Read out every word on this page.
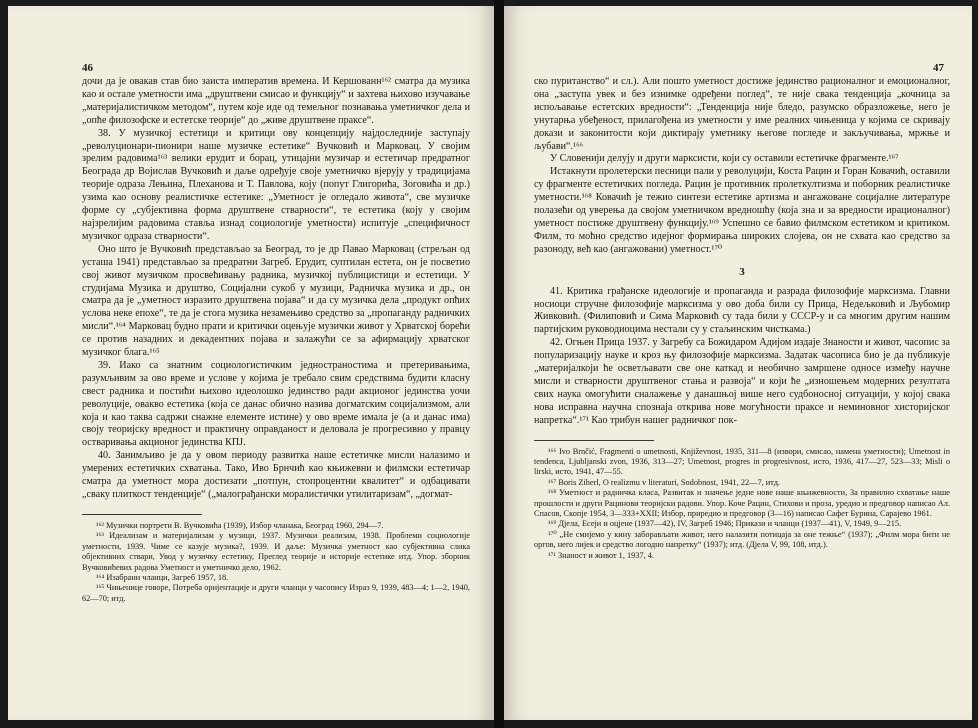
46

дочи да је овакав став био заиста императив времена. И Кершованн¹⁶² сматра да музика као и остале уметности има „друштвени смисао и функцију“ и захтева њихово изучавање „материјалистичком методом“, путем које иде од темељног познавања уметничког дела и „опће филозофске и естетске теорије“ до „живе друштвене праксе“.

38. У музичкој естетици и критици ову концепцију најдоследније заступају „револуционари-пионири наше музичке естетике“ Вучковић и Марковац. У својим зрелим радовима¹⁶³ велики ерудит и борац, утицајни музичар и естетичар предратног Београда др Војислав Вучковић и даље одређује своје уметничко вјерују у традицијама теорије одраза Лењина, Плеханова и Т. Павлова, коју (попут Глигорића, Зоговића и др.) узима као основу реалистичке естетике: „Уметност је огледало живота“, све музичке форме су „субјективна форма друштвене стварности“, те естетика (коју у својим најзрелијим радовима ставља изнад социологије уметности) испитује „специфичност музичког одраза стварности“.

Оно што је Вучковић представљао за Београд, то је др Павао Марковац (стрељан од усташа 1941) представљао за предратни Загреб. Ерудит, суптилан естета, он је посветио свој живот музичком просвећивању радника, музичкој публицистици и естетици. У студијама Музика и друштво, Социјални сукоб у музици, Радничка музика и др., он сматра да је „уметност изразито друштвена појава“ и да су музичка дела „продукт опћих услова неке епохе“, те да је стога музика незамењиво средство за „пропаганду радничких мисли“.¹⁶⁴ Марковац будно прати и критички оцењује музички живот у Хрватској борећи се против назадних и декадентних појава и залажући се за афирмацију хрватског музичког блага.¹⁶⁵

39. Иако са знатним социологистичким једностраностима и претеривањима, разумљивим за ово време и услове у којима је требало свим средствима будити класну свест радника и постићи њихово идеолошко јединство ради акционог јединства уочи револуције, овакво естетика (која се данас обично назива догматским социјализмом, али која и као таква садржи снажне елементе истине) у ово време имала је (а и данас има) своју теоријску вредност и практичну оправданост и деловала је прогресивно у правцу остваривања акционог јединства КПЈ.

40. Занимљиво је да у овом периоду развитка наше естетичке мисли налазимо и умерених естетичких схватања. Тако, Иво Брнчић као књижевни и филмски естетичар сматра да уметност мора достизати „потпун, стопроцентни квалитет“ и одбацивати „сваку плиткост тенденције“ („малограђански моралистички утилитаризам“, „догмат-

¹⁶² Музички портрети В. Вучковића (1939), Избор чланака, Београд 1960, 294—7.

¹⁶³ Идеализам и материјализам у музици, 1937. Музички реализам, 1938. Проблеми социологије уметности, 1939. Чиме се казује музика?, 1939. И даље: Музичка уметност као субјективна слика објективних ствари, Увод у музичку естетику, Преглед теорије и историје естетике итд. Упор. зборник Вучковићевих радова Уметност и уметничко дело, 1962.

¹⁶⁴ Изабрани чланци, Загреб 1957, 18.

¹⁶⁵ Чињенице говоре, Потреба оријентације и други чланци у часопису Израз 9, 1939, 483—4; 1—2, 1940, 62—70; итд.

47

ско пуританство“ и сл.). Али пошто уметност достиже јединство рационалног и емоционалног, она „заступа увек и без изнимке одређени поглед“, те није свака тенденција „кочница за испољавање естетских вредности“: „Тенденција није бледо, разумско образложење, него је унутарња убеђеност, прилагођена из уметности у име реалних чињеница у којима се скривају докази и законитости који диктирају уметнику његове погледе и закључивања, мржње и љубави“.¹⁶⁶

У Словенији делују и други марксисти, који су оставили естетичке фрагменте.¹⁶⁷

Истакнути пролетерски песници пали у револуцији, Коста Рацин и Горан Ковачић, оставили су фрагменте естетичких погледа. Рацин је противник пролеткултизма и поборник реалистичке уметности.¹⁶⁸ Ковачић је тежио синтези естетике артизма и ангажоване социјалне литературе полазећи од уверења да својом уметничком вредношћу (која зна и за вредности ирационалног) уметност постиже друштвену функцију.¹⁶⁹ Успешно се бавио филмском естетиком и критиком. Филм, то моћно средство идејног формирања широких слојева, он не схвата као средство за разоноду, већ као (ангажовани) уметност.¹⁷⁰

3

41. Критика грађанске идеологије и пропаганда и разрада филозофије марксизма. Главни носиоци стручне филозофије марксизма у ово доба били су Прица, Недељковић и Љубомир Живковић. (Филиповић и Сима Марковић су тада били у СССР-у и са многим другим нашим партијским руководиоцима нестали су у стаљинским чисткама.)

42. Огњен Прица 1937. у Загребу са Божидаром Адијом издаје Знаности и живот, часопис за популаризацију науке и кроз њу филозофије марксизма. Задатак часописа био је да публикује „материјалкоји ће осветљавати све оне каткад и необично замршене односе између научне мисли и стварности друштвеног стања и развоја“ и који ће „изношењем модерних резултата свих наука омогућити сналажење у данашњој више него судбоносној ситуацији, у којој свака нова исправна научна спознаја открива нове могућности праксе и неминовног хисторијског напретка“.¹⁷¹ Као трибун нашег радничког пок-

¹⁶⁶ Ivo Brnčić, Fragmenti o umetnosti, Književnost, 1935, 311—8 (извори, смисао, намена уметности); Umetnost in tendenca, Ljubljanski zvon, 1936, 313—27; Umetnost, progres in progresivnost, исто, 1936, 417—27, 523—33; Misli o lirski, исто, 1941, 47—55.

¹⁶⁷ Boris Ziherl, O realizmu v literaturi, Sodobnost, 1941, 22—7, итд.

¹⁶⁸ Уметност и радничка класа, Развитак и значење једне нове наше књижевности, За правилно схватање наше прошлости и други Рацинови теоријски радови. Упор. Коче Рацин, Стихови и проза, уредио и предговор написао Ал. Спасов, Скопје 1954, 3—333+XXII; Избор, приредио и предговор (3—16) написао Сафет Бурина, Сарајево 1961.

¹⁶⁹ Дјела, Есеји и оцјене (1937—42), IV, Загреб 1946; Прикази и чланци (1937—41), V, 1949, 9—215.

¹⁷⁰ „Не смијемо у кину заборављати живот, него налазити потицаја за оне тежње“ (1937); „Филм мора бити не оргов, него лијек и средство логодно напретку“ (1937); итд. (Дјела V, 99, 108, итд.).

¹⁷¹ Знаност и живот 1, 1937, 4.
